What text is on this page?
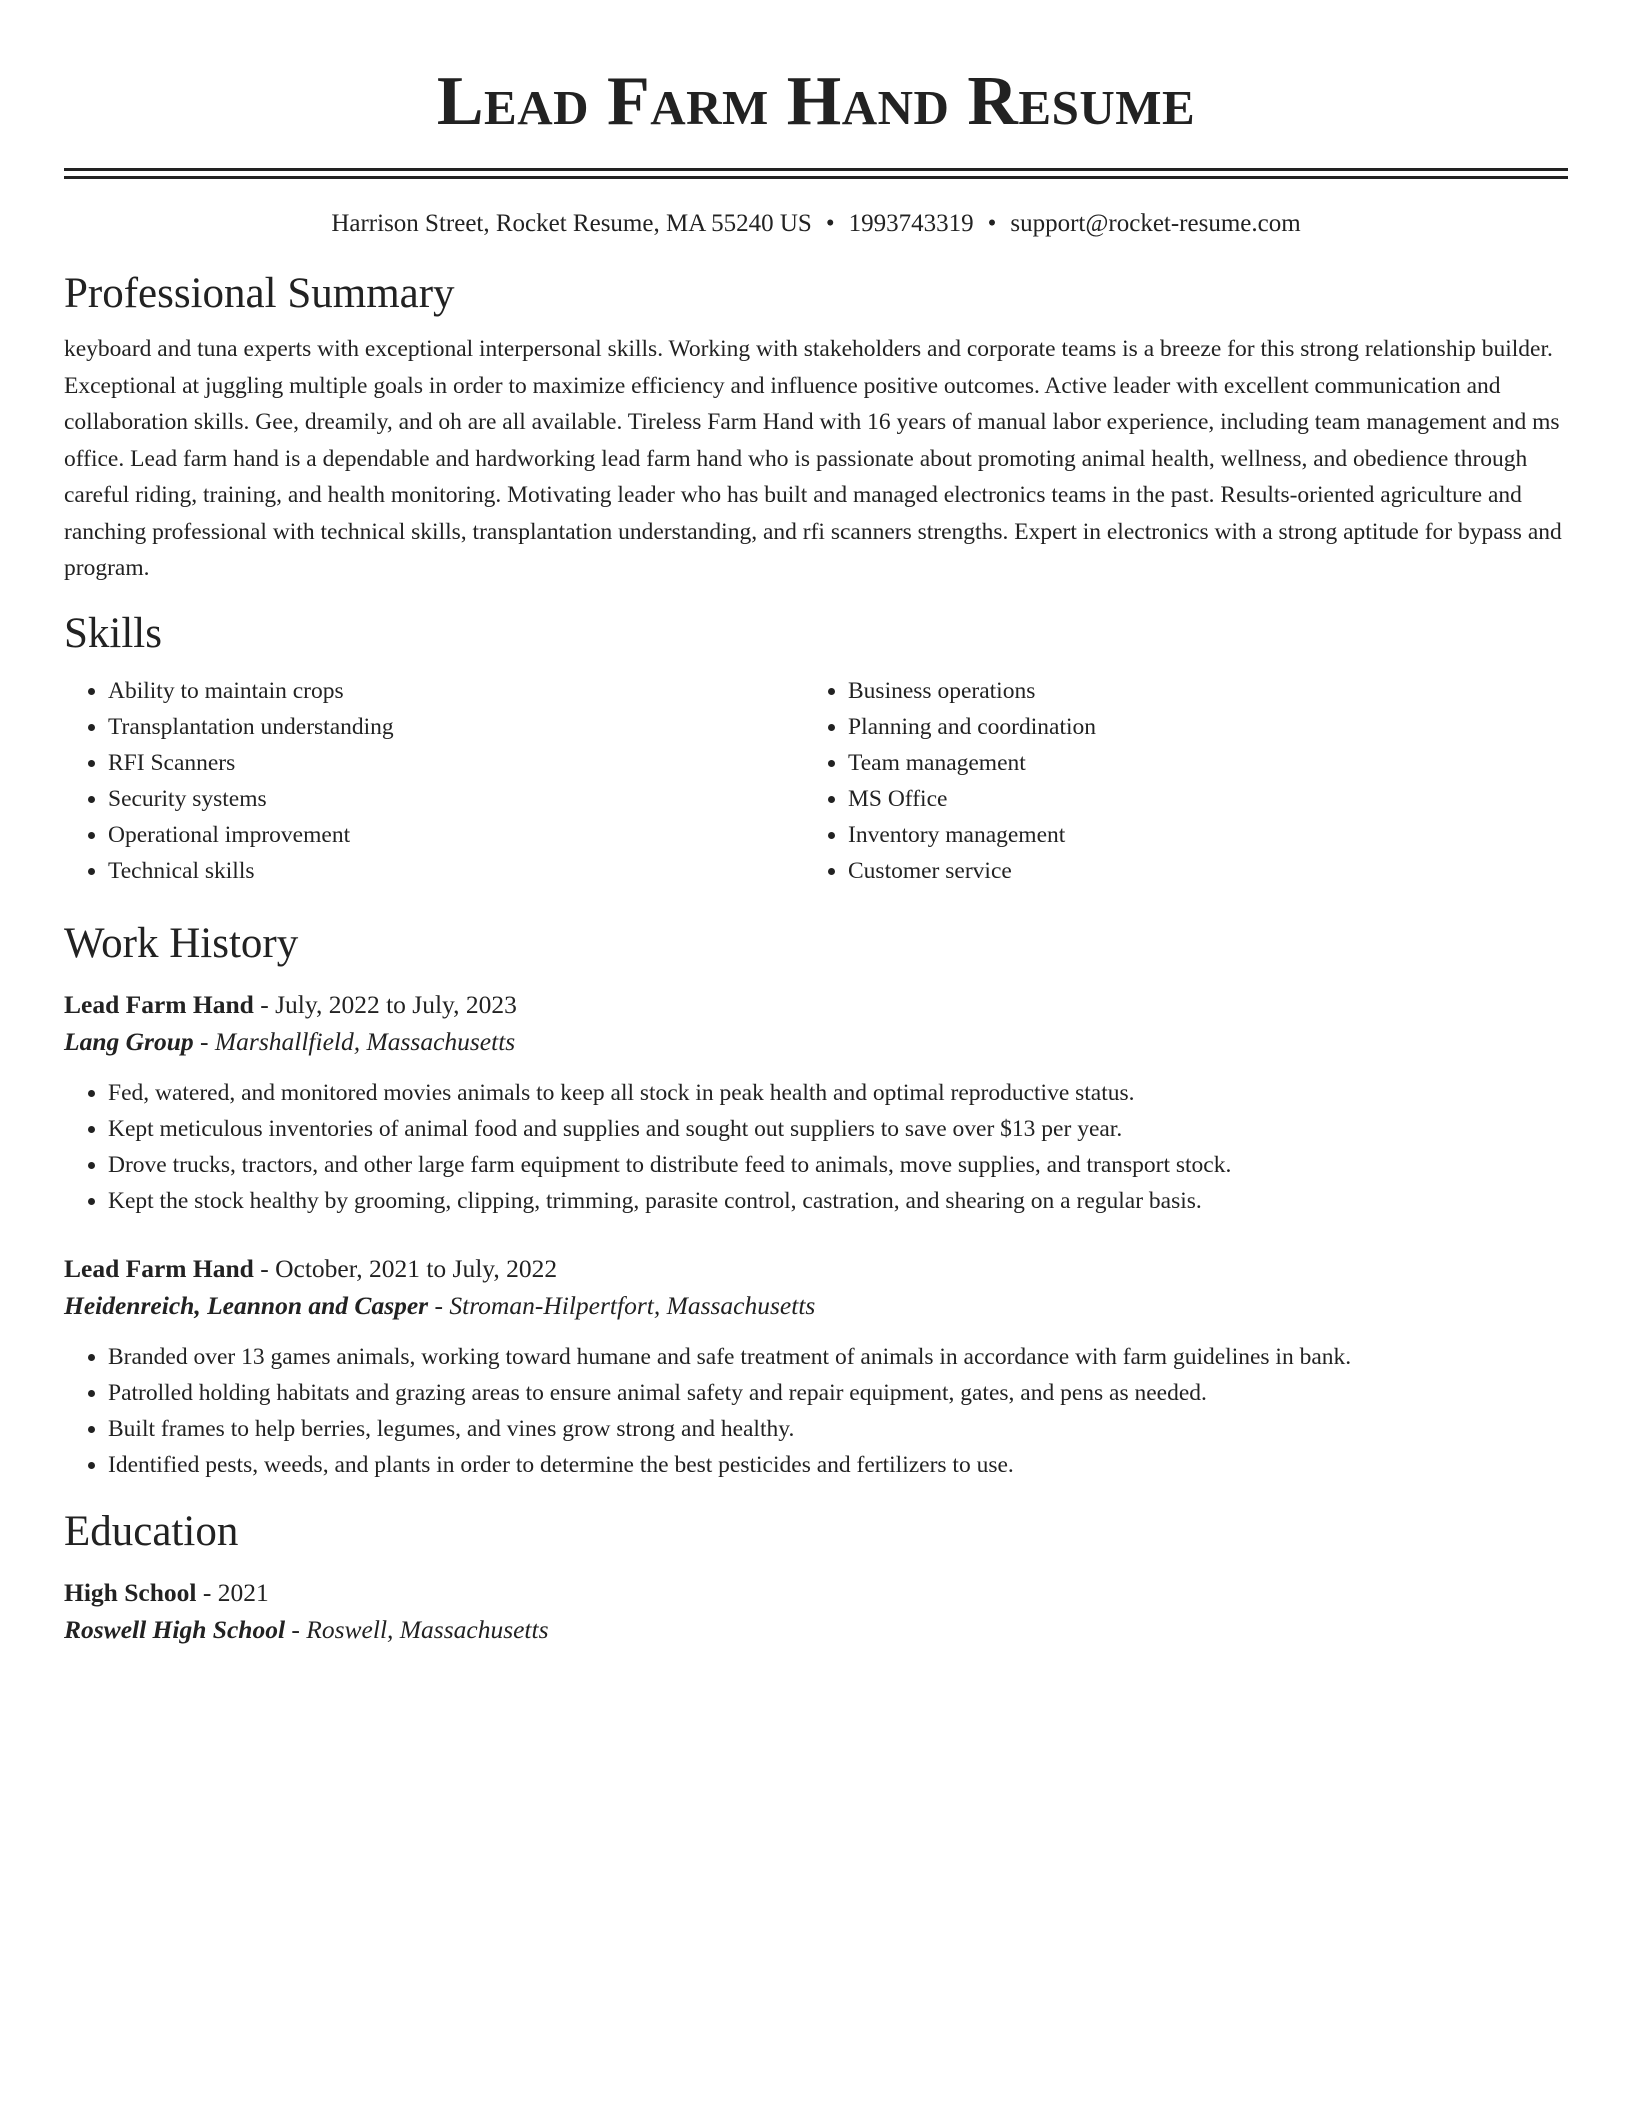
Lead Farm Hand Resume
Harrison Street, Rocket Resume, MA 55240 US • 1993743319 • support@rocket-resume.com
Professional Summary
keyboard and tuna experts with exceptional interpersonal skills. Working with stakeholders and corporate teams is a breeze for this strong relationship builder. Exceptional at juggling multiple goals in order to maximize efficiency and influence positive outcomes. Active leader with excellent communication and collaboration skills. Gee, dreamily, and oh are all available. Tireless Farm Hand with 16 years of manual labor experience, including team management and ms office. Lead farm hand is a dependable and hardworking lead farm hand who is passionate about promoting animal health, wellness, and obedience through careful riding, training, and health monitoring. Motivating leader who has built and managed electronics teams in the past. Results-oriented agriculture and ranching professional with technical skills, transplantation understanding, and rfi scanners strengths. Expert in electronics with a strong aptitude for bypass and program.
Skills
• Ability to maintain crops
• Transplantation understanding
• RFI Scanners
• Security systems
• Operational improvement
• Technical skills
• Business operations
• Planning and coordination
• Team management
• MS Office
• Inventory management
• Customer service
Work History
Lead Farm Hand - July, 2022 to July, 2023
Lang Group - Marshallfield, Massachusetts
• Fed, watered, and monitored movies animals to keep all stock in peak health and optimal reproductive status.
• Kept meticulous inventories of animal food and supplies and sought out suppliers to save over $13 per year.
• Drove trucks, tractors, and other large farm equipment to distribute feed to animals, move supplies, and transport stock.
• Kept the stock healthy by grooming, clipping, trimming, parasite control, castration, and shearing on a regular basis.
Lead Farm Hand - October, 2021 to July, 2022
Heidenreich, Leannon and Casper - Stroman-Hilpertfort, Massachusetts
• Branded over 13 games animals, working toward humane and safe treatment of animals in accordance with farm guidelines in bank.
• Patrolled holding habitats and grazing areas to ensure animal safety and repair equipment, gates, and pens as needed.
• Built frames to help berries, legumes, and vines grow strong and healthy.
• Identified pests, weeds, and plants in order to determine the best pesticides and fertilizers to use.
Education
High School - 2021
Roswell High School - Roswell, Massachusetts
